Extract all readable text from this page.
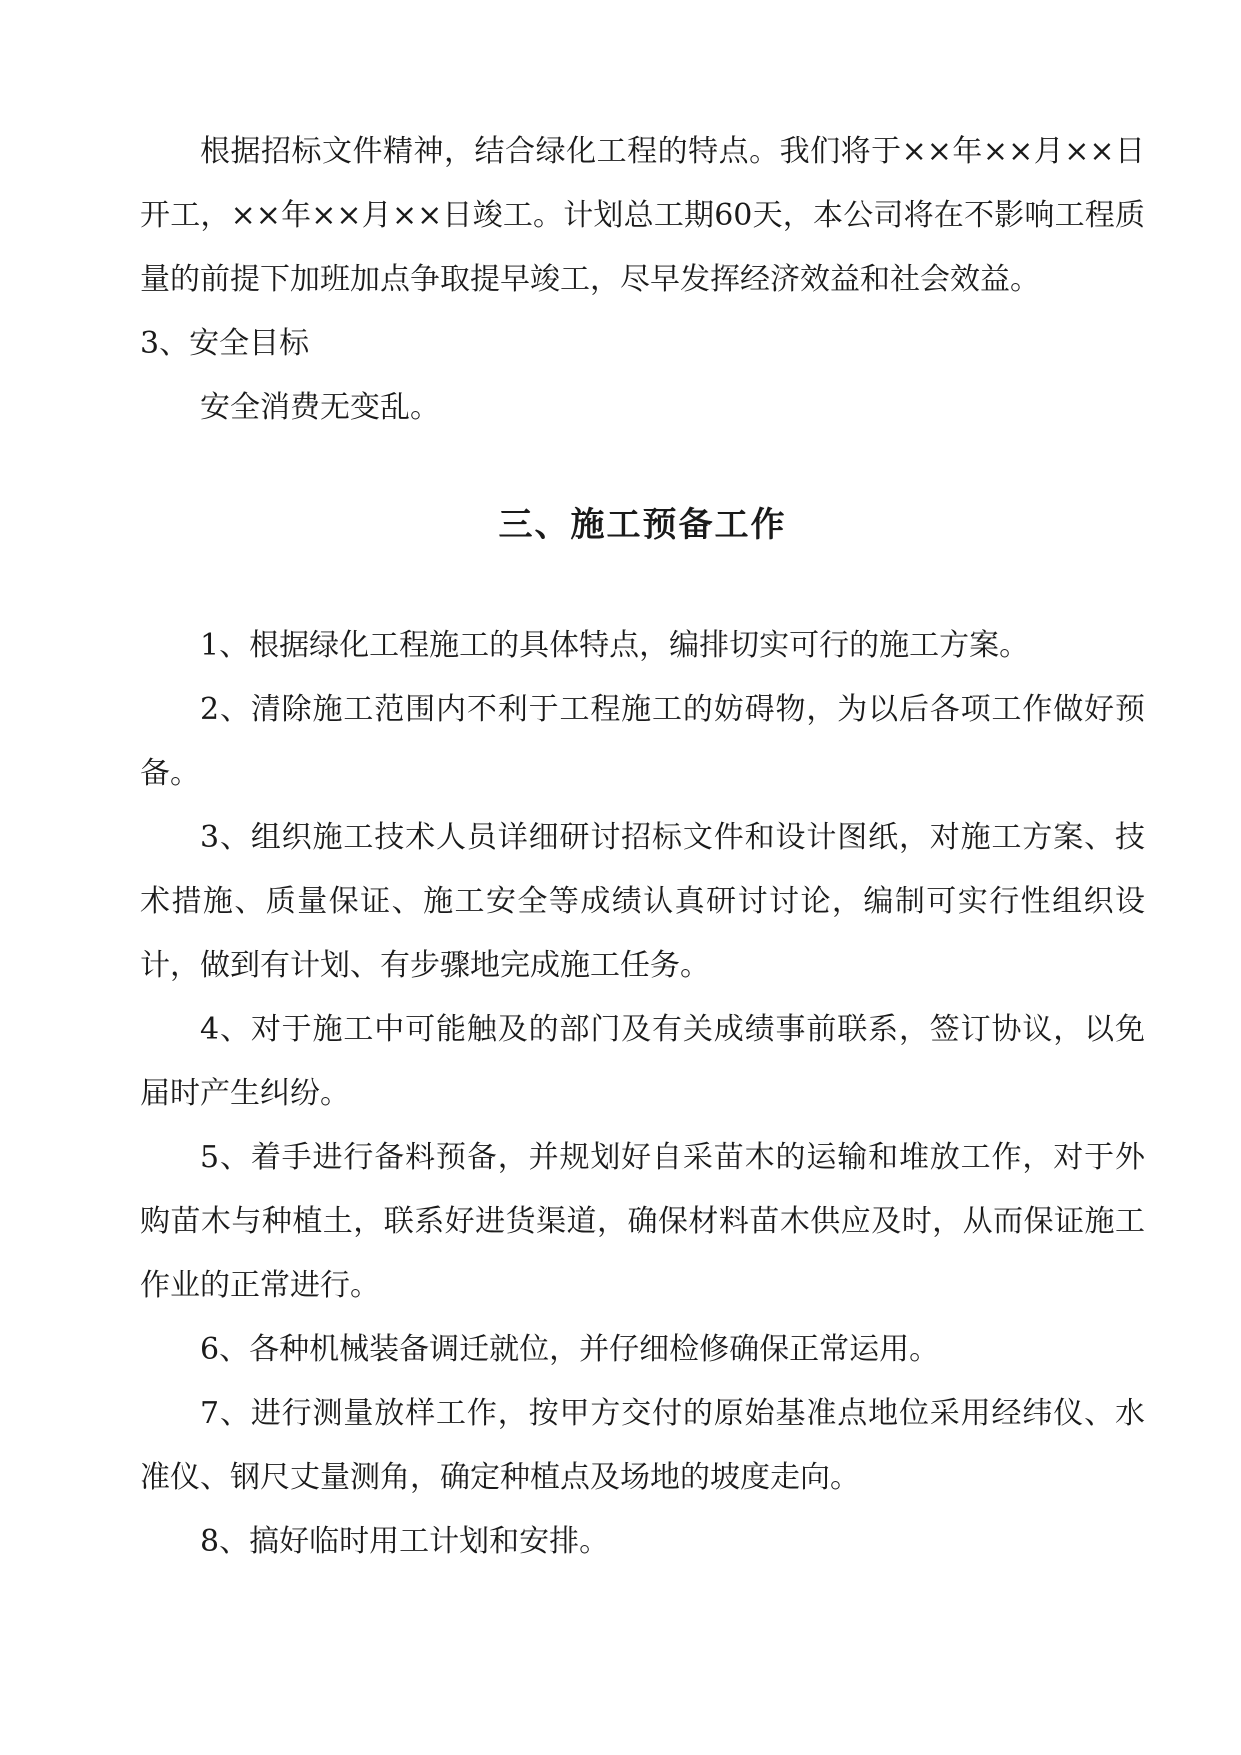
根据招标文件精神，结合绿化工程的特点。我们将于××年××月××日开工，××年××月××日竣工。计划总工期60天，本公司将在不影响工程质量的前提下加班加点争取提早竣工，尽早发挥经济效益和社会效益。

3、安全目标

安全消费无变乱。

三、施工预备工作

1、根据绿化工程施工的具体特点，编排切实可行的施工方案。

2、清除施工范围内不利于工程施工的妨碍物，为以后各项工作做好预备。

3、组织施工技术人员详细研讨招标文件和设计图纸，对施工方案、技术措施、质量保证、施工安全等成绩认真研讨讨论，编制可实行性组织设计，做到有计划、有步骤地完成施工任务。

4、对于施工中可能触及的部门及有关成绩事前联系，签订协议，以免届时产生纠纷。

5、着手进行备料预备，并规划好自采苗木的运输和堆放工作，对于外购苗木与种植土，联系好进货渠道，确保材料苗木供应及时，从而保证施工作业的正常进行。

6、各种机械装备调迁就位，并仔细检修确保正常运用。

7、进行测量放样工作，按甲方交付的原始基准点地位采用经纬仪、水准仪、钢尺丈量测角，确定种植点及场地的坡度走向。

8、搞好临时用工计划和安排。
